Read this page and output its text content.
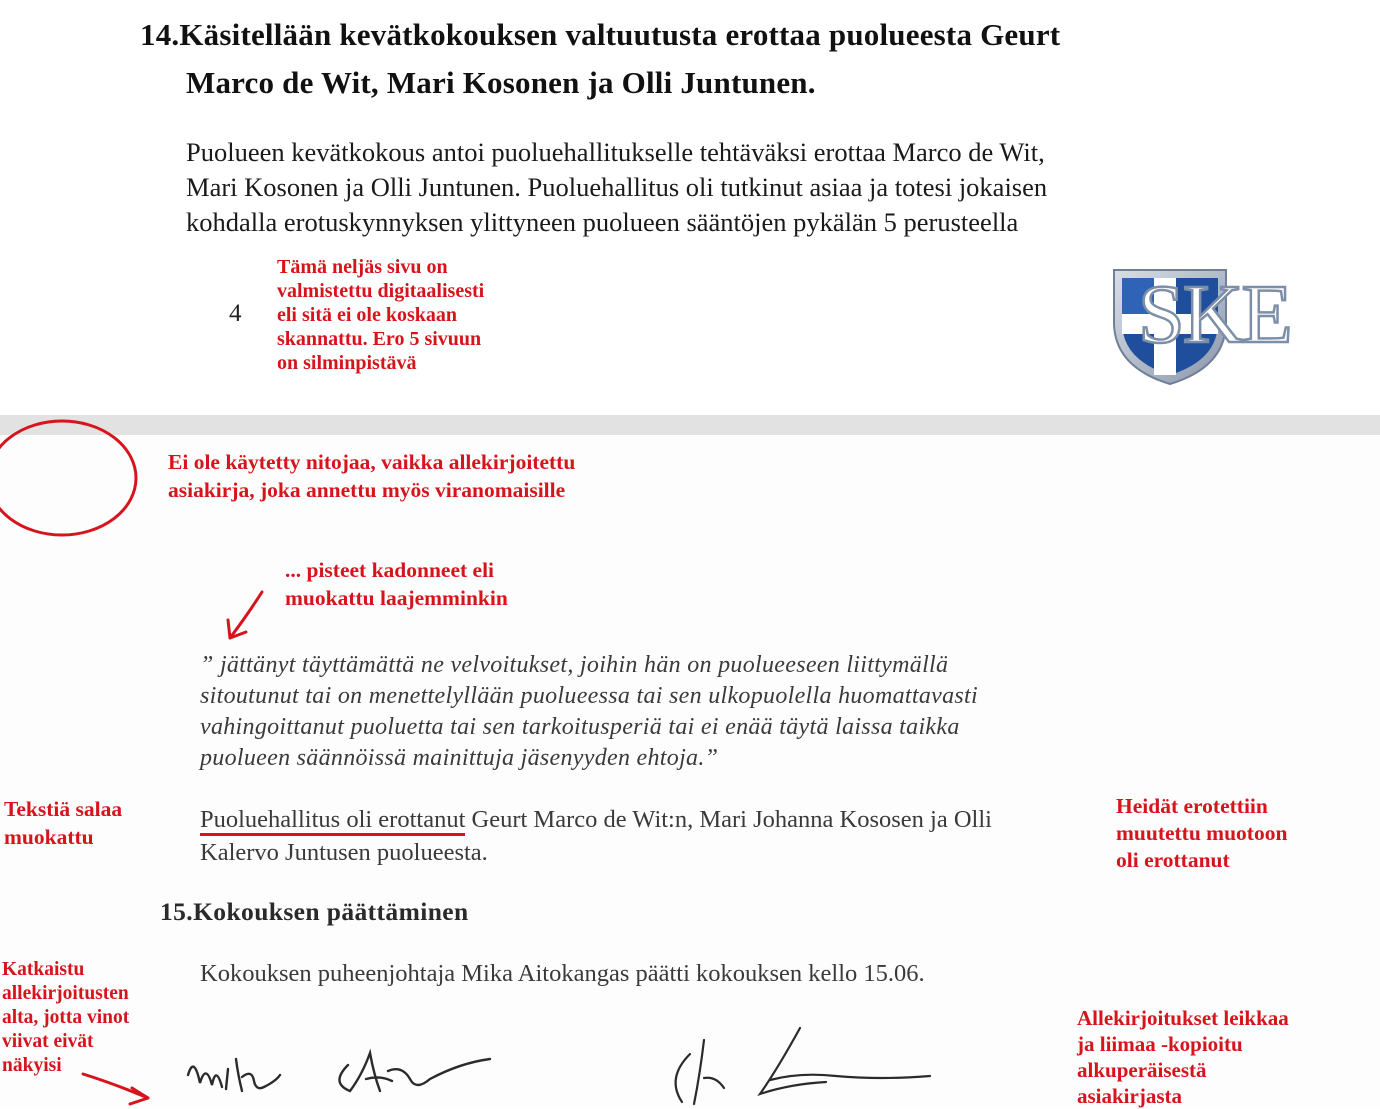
14.Käsitellään kevätkokouksen valtuutusta erottaa puolueesta Geurt
Marco de Wit, Mari Kosonen ja Olli Juntunen.
Puolueen kevätkokous antoi puoluehallitukselle tehtäväksi erottaa Marco de Wit,
Mari Kosonen ja Olli Juntunen. Puoluehallitus oli tutkinut asiaa ja totesi jokaisen
kohdalla erotuskynnyksen ylittyneen puolueen sääntöjen pykälän 5 perusteella
4
Tämä neljäs sivu on
valmistettu digitaalisesti
eli sitä ei ole koskaan
skannattu. Ero 5 sivuun
on silminpistävä
SKE
Ei ole käytetty nitojaa, vaikka allekirjoitettu
asiakirja, joka annettu myös viranomaisille
... pisteet kadonneet eli
muokattu laajemminkin
” jättänyt täyttämättä ne velvoitukset, joihin hän on puolueeseen liittymällä
sitoutunut tai on menettelyllään puolueessa tai sen ulkopuolella huomattavasti
vahingoittanut puoluetta tai sen tarkoitusperiä tai ei enää täytä laissa taikka
puolueen säännöissä mainittuja jäsenyyden ehtoja.”
Tekstiä salaa
muokattu
Puoluehallitus oli erottanut Geurt Marco de Wit:n, Mari Johanna Kososen ja Olli
Kalervo Juntusen puolueesta.
Heidät erotettiin
muutettu muotoon
oli erottanut
15.Kokouksen päättäminen
Katkaistu
allekirjoitusten
alta, jotta vinot
viivat eivät
näkyisi
Kokouksen puheenjohtaja Mika Aitokangas päätti kokouksen kello 15.06.
Allekirjoitukset leikkaa
ja liimaa -kopioitu
alkuperäisestä
asiakirjasta
